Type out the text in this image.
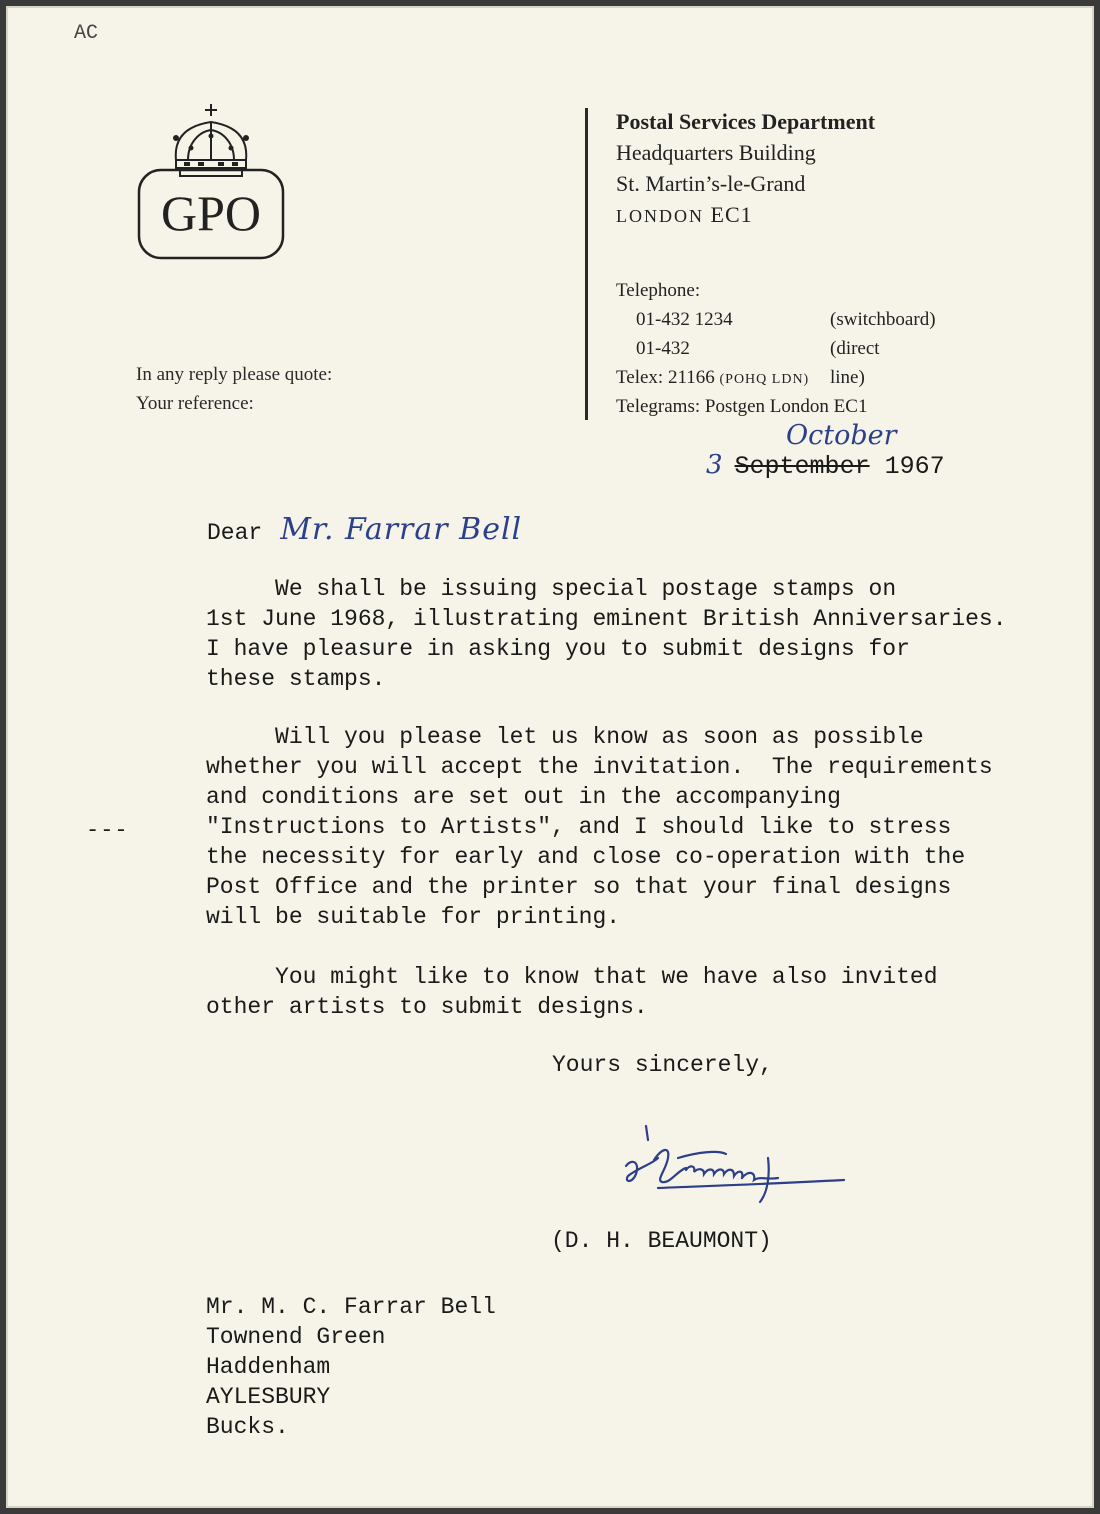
AC
GPO
In any reply please quote:
Your reference:
Postal Services Department
Headquarters Building
St. Martin’s-le-Grand
LONDON EC1
Telephone:
01-432 1234	(switchboard)
01-432	(direct line)
Telex: 21166 (POHQ LDN)
Telegrams: Postgen London EC1
October
3 September 1967
Dear Mr. Farrar Bell

We shall be issuing special postage stamps on
1st June 1968, illustrating eminent British Anniversaries.
I have pleasure in asking you to submit designs for
these stamps.

Will you please let us know as soon as possible
whether you will accept the invitation.  The requirements
and conditions are set out in the accompanying
"Instructions to Artists", and I should like to stress
the necessity for early and close co-operation with the
Post Office and the printer so that your final designs
will be suitable for printing.

You might like to know that we have also invited
other artists to submit designs.

---
Yours sincerely,
(D. H. BEAUMONT)
Mr. M. C. Farrar Bell
Townend Green
Haddenham
AYLESBURY
Bucks.
